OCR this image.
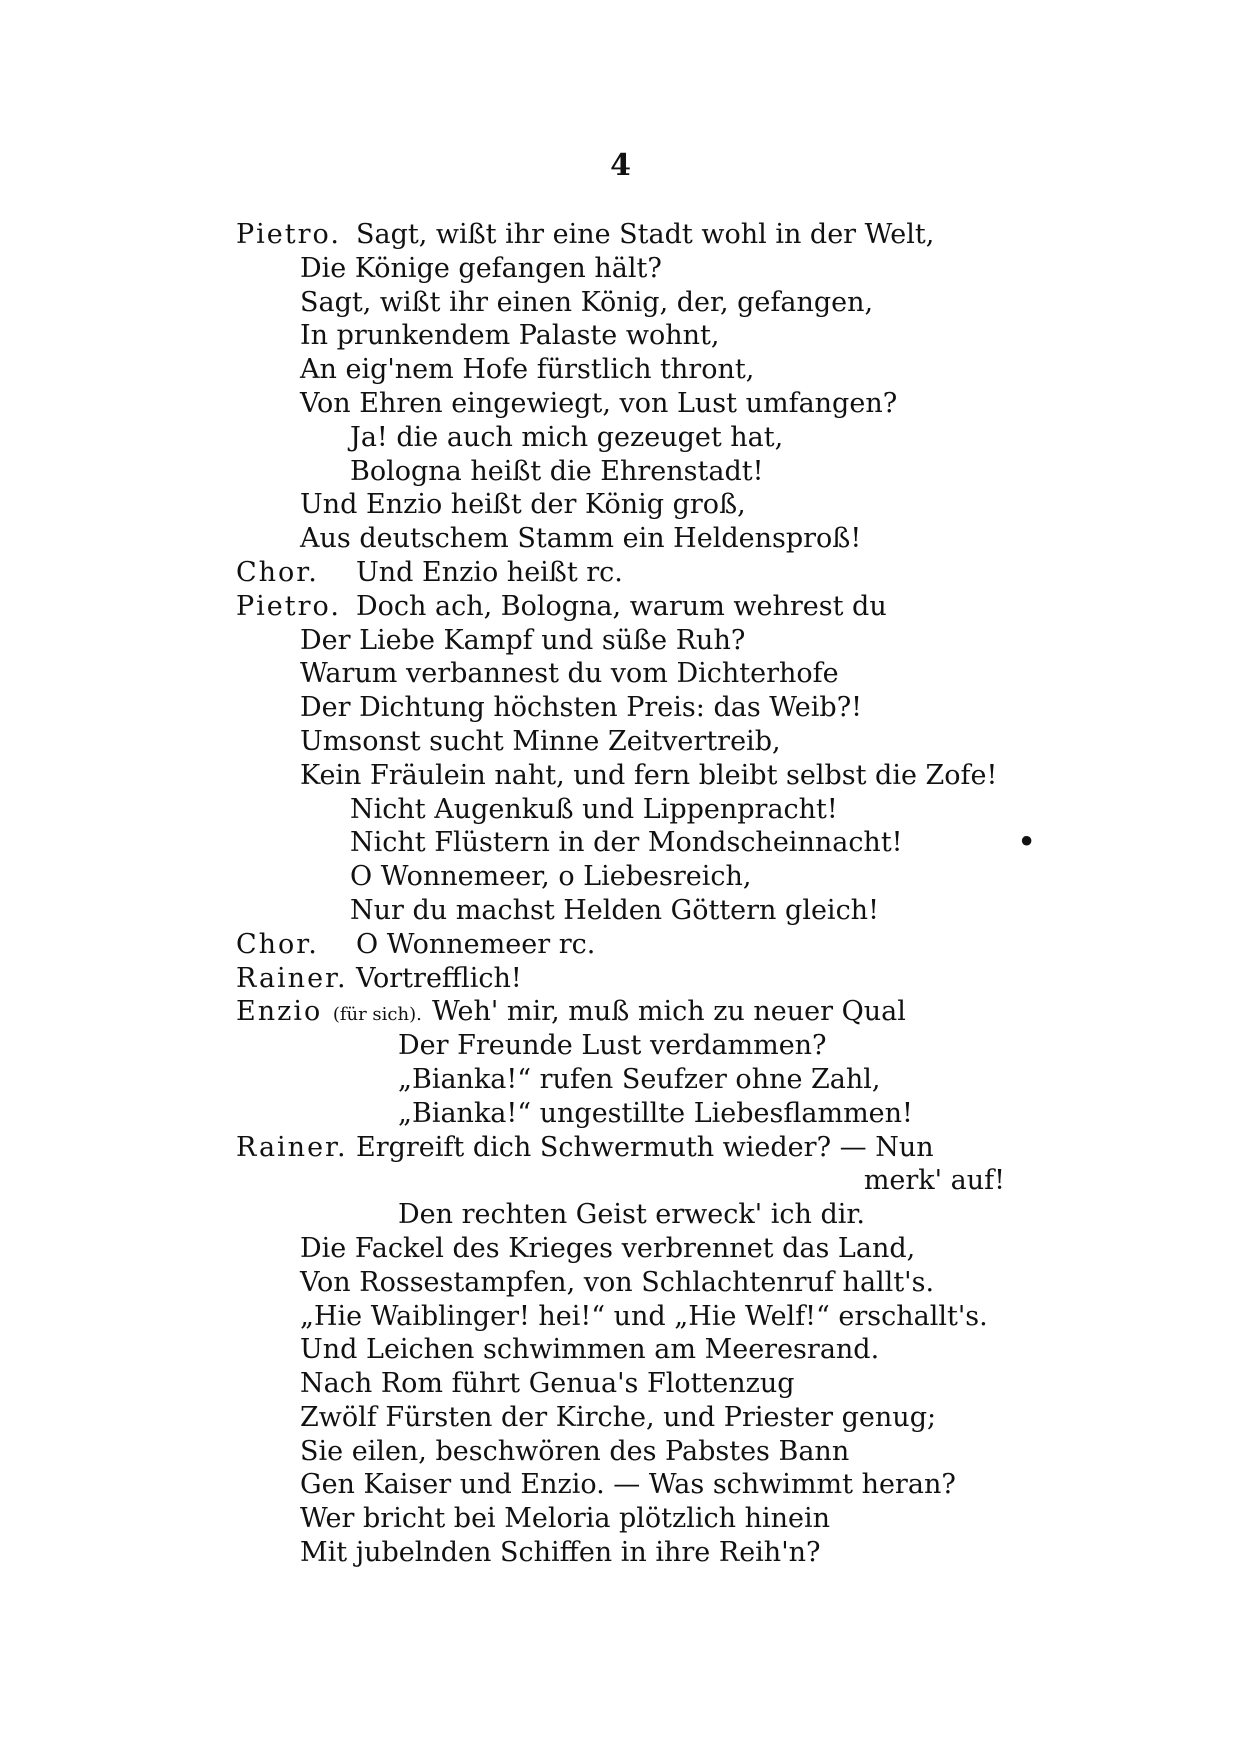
4
Pietro. Sagt, wißt ihr eine Stadt wohl in der Welt,
Die Könige gefangen hält?
Sagt, wißt ihr einen König, der, gefangen,
In prunkendem Palaste wohnt,
An eig'nem Hofe fürstlich thront,
Von Ehren eingewiegt, von Lust umfangen?
Ja! die auch mich gezeuget hat,
Bologna heißt die Ehrenstadt!
Und Enzio heißt der König groß,
Aus deutschem Stamm ein Heldensproß!
Chor. Und Enzio heißt rc.
Pietro. Doch ach, Bologna, warum wehrest du
Der Liebe Kampf und süße Ruh?
Warum verbannest du vom Dichterhofe
Der Dichtung höchsten Preis: das Weib?!
Umsonst sucht Minne Zeitvertreib,
Kein Fräulein naht, und fern bleibt selbst die Zofe!
Nicht Augenkuß und Lippenpracht!
Nicht Flüstern in der Mondscheinnacht!	•
O Wonnemeer, o Liebesreich,
Nur du machst Helden Göttern gleich!
Chor. O Wonnemeer rc.
Rainer. Vortrefflich!
Enzio (für sich). Weh' mir, muß mich zu neuer Qual
Der Freunde Lust verdammen?
„Bianka!“ rufen Seufzer ohne Zahl,
„Bianka!“ ungestillte Liebesflammen!
Rainer. Ergreift dich Schwermuth wieder? — Nun
merk' auf!
Den rechten Geist erweck' ich dir.
Die Fackel des Krieges verbrennet das Land,
Von Rossestampfen, von Schlachtenruf hallt's.
„Hie Waiblinger! hei!“ und „Hie Welf!“ erschallt's.
Und Leichen schwimmen am Meeresrand.
Nach Rom führt Genua's Flottenzug
Zwölf Fürsten der Kirche, und Priester genug;
Sie eilen, beschwören des Pabstes Bann
Gen Kaiser und Enzio. — Was schwimmt heran?
Wer bricht bei Meloria plötzlich hinein
Mit jubelnden Schiffen in ihre Reih'n?
